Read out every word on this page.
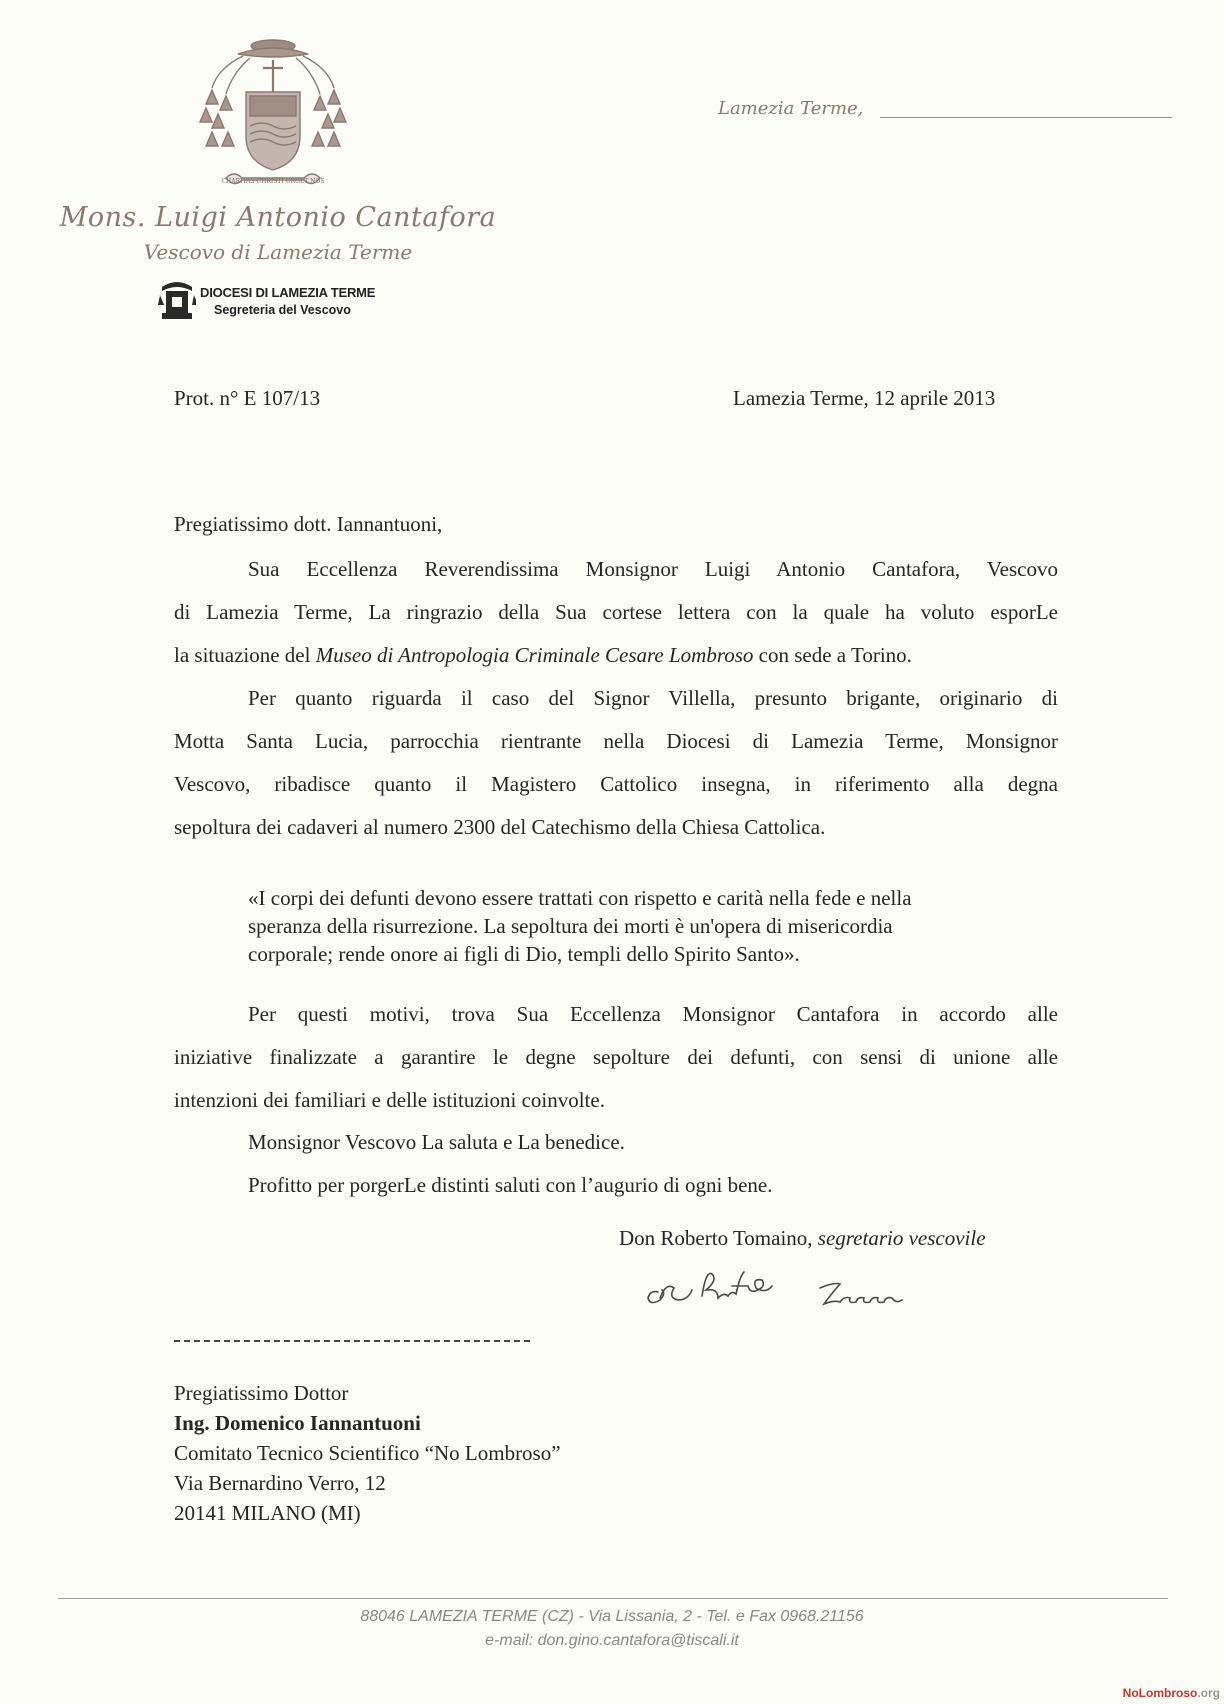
CHARITAS CHRISTI URGET NOS
Mons. Luigi Antonio Cantafora
Vescovo di Lamezia Terme
DIOCESI DI LAMEZIA TERME
Segreteria del Vescovo
Lamezia Terme,
Prot. n° E 107/13	Lamezia Terme, 12 aprile 2013
Pregiatissimo dott. Iannantuoni,
Sua Eccellenza Reverendissima Monsignor Luigi Antonio Cantafora, Vescovo
di Lamezia Terme, La ringrazio della Sua cortese lettera con la quale ha voluto esporLe
la situazione del Museo di Antropologia Criminale Cesare Lombroso con sede a Torino.
Per quanto riguarda il caso del Signor Villella, presunto brigante, originario di
Motta Santa Lucia, parrocchia rientrante nella Diocesi di Lamezia Terme, Monsignor
Vescovo, ribadisce quanto il Magistero Cattolico insegna, in riferimento alla degna
sepoltura dei cadaveri al numero 2300 del Catechismo della Chiesa Cattolica.
«I corpi dei defunti devono essere trattati con rispetto e carità nella fede e nella
speranza della risurrezione. La sepoltura dei morti è un'opera di misericordia
corporale; rende onore ai figli di Dio, templi dello Spirito Santo».
Per questi motivi, trova Sua Eccellenza Monsignor Cantafora in accordo alle
iniziative finalizzate a garantire le degne sepolture dei defunti, con sensi di unione alle
intenzioni dei familiari e delle istituzioni coinvolte.
Monsignor Vescovo La saluta e La benedice.
Profitto per porgerLe distinti saluti con l’augurio di ogni bene.
Don Roberto Tomaino, segretario vescovile
Pregiatissimo Dottor
Ing. Domenico Iannantuoni
Comitato Tecnico Scientifico “No Lombroso”
Via Bernardino Verro, 12
20141 MILANO (MI)
88046 LAMEZIA TERME (CZ) - Via Lissania, 2 - Tel. e Fax 0968.21156
e-mail: don.gino.cantafora@tiscali.it
NoLombroso.org
